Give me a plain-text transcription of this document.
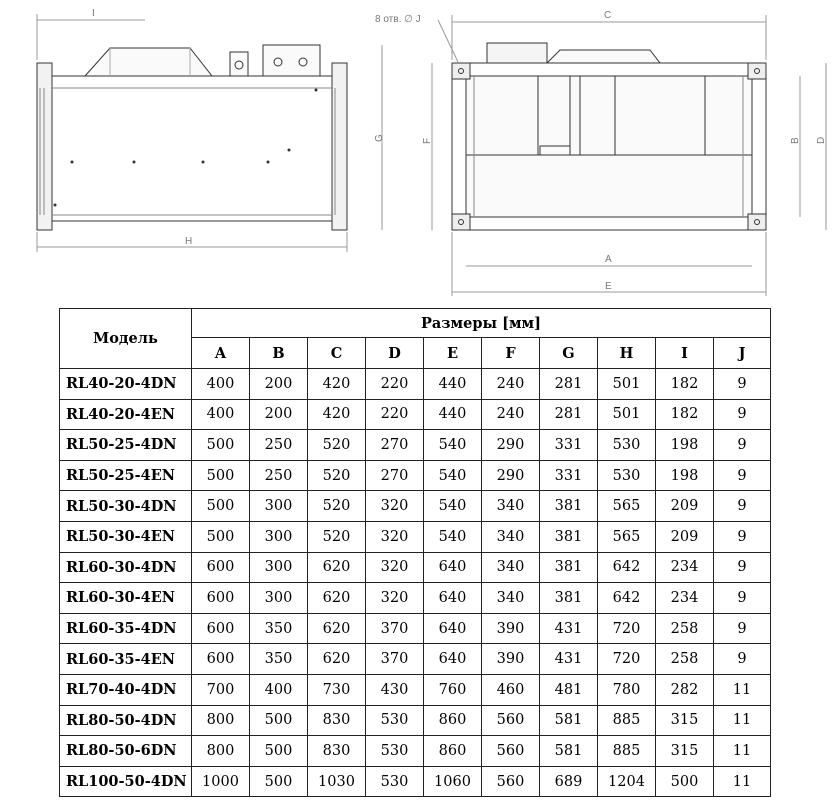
I
H
G
8 отв. ∅ J	C
A
E
F	B D
Модель	Размеры [мм]									
	A	B	C	D	E	F	G	H	I	J
RL40-20-4DN	400	200	420	220	440	240	281	501	182	9
RL40-20-4EN	400	200	420	220	440	240	281	501	182	9
RL50-25-4DN	500	250	520	270	540	290	331	530	198	9
RL50-25-4EN	500	250	520	270	540	290	331	530	198	9
RL50-30-4DN	500	300	520	320	540	340	381	565	209	9
RL50-30-4EN	500	300	520	320	540	340	381	565	209	9
RL60-30-4DN	600	300	620	320	640	340	381	642	234	9
RL60-30-4EN	600	300	620	320	640	340	381	642	234	9
RL60-35-4DN	600	350	620	370	640	390	431	720	258	9
RL60-35-4EN	600	350	620	370	640	390	431	720	258	9
RL70-40-4DN	700	400	730	430	760	460	481	780	282	11
RL80-50-4DN	800	500	830	530	860	560	581	885	315	11
RL80-50-6DN	800	500	830	530	860	560	581	885	315	11
RL100-50-4DN	1000	500	1030	530	1060	560	689	1204	500	11
